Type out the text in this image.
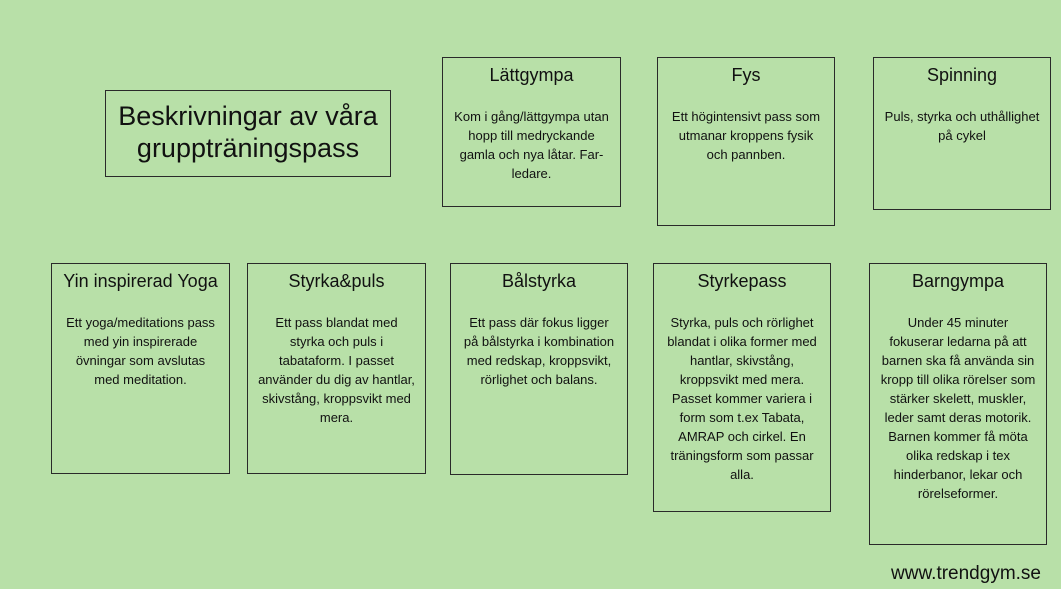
Beskrivningar av våra
gruppträningspass
Lättgympa
Kom i gång/lättgympa utan hopp till medryckande gamla och nya låtar. Far-ledare.
Fys
Ett högintensivt pass som utmanar kroppens fysik och pannben.
Spinning
Puls, styrka och uthållighet på cykel
Yin inspirerad Yoga
Ett yoga/meditations pass med yin inspirerade övningar som avslutas med meditation.
Styrka&puls
Ett pass blandat med styrka och puls i tabataform. I passet använder du dig av hantlar, skivstång, kroppsvikt med mera.
Bålstyrka
Ett pass där fokus ligger på bålstyrka i kombination med redskap, kroppsvikt, rörlighet och balans.
Styrkepass
Styrka, puls och rörlighet blandat i olika former med hantlar, skivstång, kroppsvikt med mera. Passet kommer variera i form som t.ex Tabata, AMRAP och cirkel. En träningsform som passar alla.
Barngympa
Under 45 minuter fokuserar ledarna på att barnen ska få använda sin kropp till olika rörelser som stärker skelett, muskler, leder samt deras motorik. Barnen kommer få möta olika redskap i tex hinderbanor, lekar och rörelseformer.
www.trendgym.se
